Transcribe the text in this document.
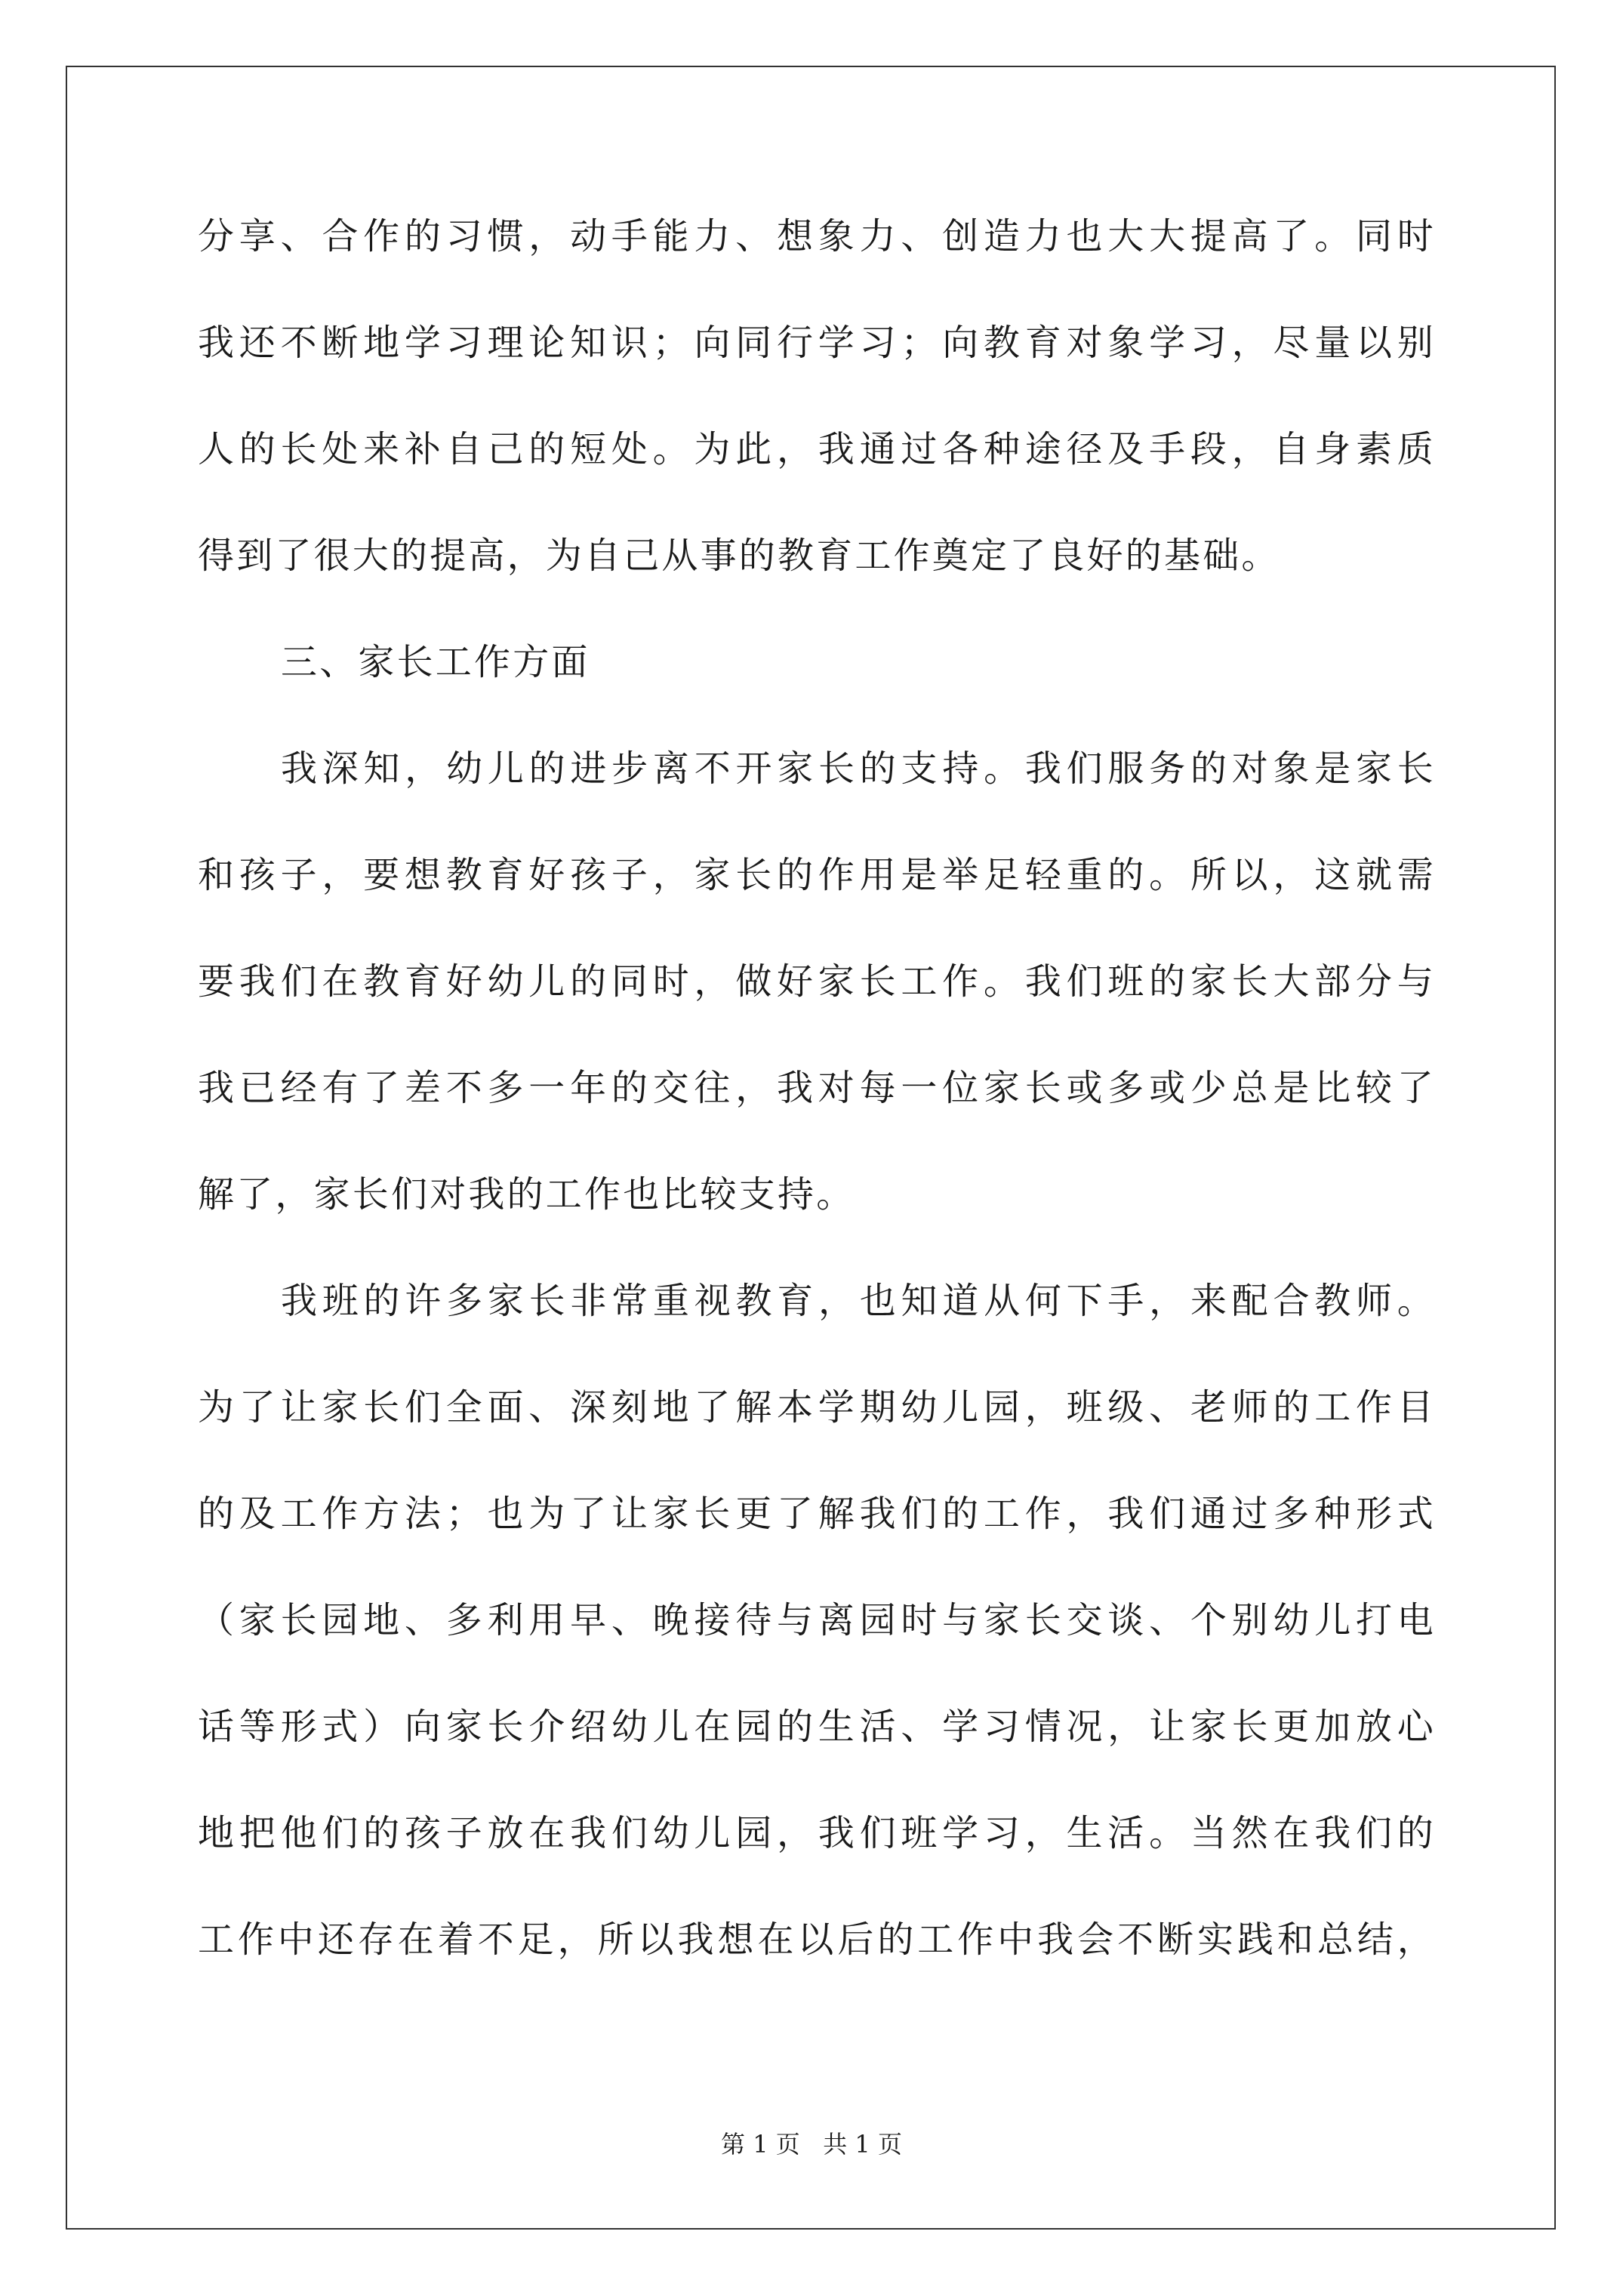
分享、合作的习惯，动手能力、想象力、创造力也大大提高了。同时
我还不断地学习理论知识；向同行学习；向教育对象学习，尽量以别
人的长处来补自己的短处。为此，我通过各种途径及手段，自身素质
得到了很大的提高，为自己从事的教育工作奠定了良好的基础。
三、家长工作方面
我深知，幼儿的进步离不开家长的支持。我们服务的对象是家长
和孩子，要想教育好孩子，家长的作用是举足轻重的。所以，这就需
要我们在教育好幼儿的同时，做好家长工作。我们班的家长大部分与
我已经有了差不多一年的交往，我对每一位家长或多或少总是比较了
解了，家长们对我的工作也比较支持。
我班的许多家长非常重视教育，也知道从何下手，来配合教师。
为了让家长们全面、深刻地了解本学期幼儿园，班级、老师的工作目
的及工作方法；也为了让家长更了解我们的工作，我们通过多种形式
（家长园地、多利用早、晚接待与离园时与家长交谈、个别幼儿打电
话等形式）向家长介绍幼儿在园的生活、学习情况，让家长更加放心
地把他们的孩子放在我们幼儿园，我们班学习，生活。当然在我们的
工作中还存在着不足，所以我想在以后的工作中我会不断实践和总结，
第 1 页 共 1 页
